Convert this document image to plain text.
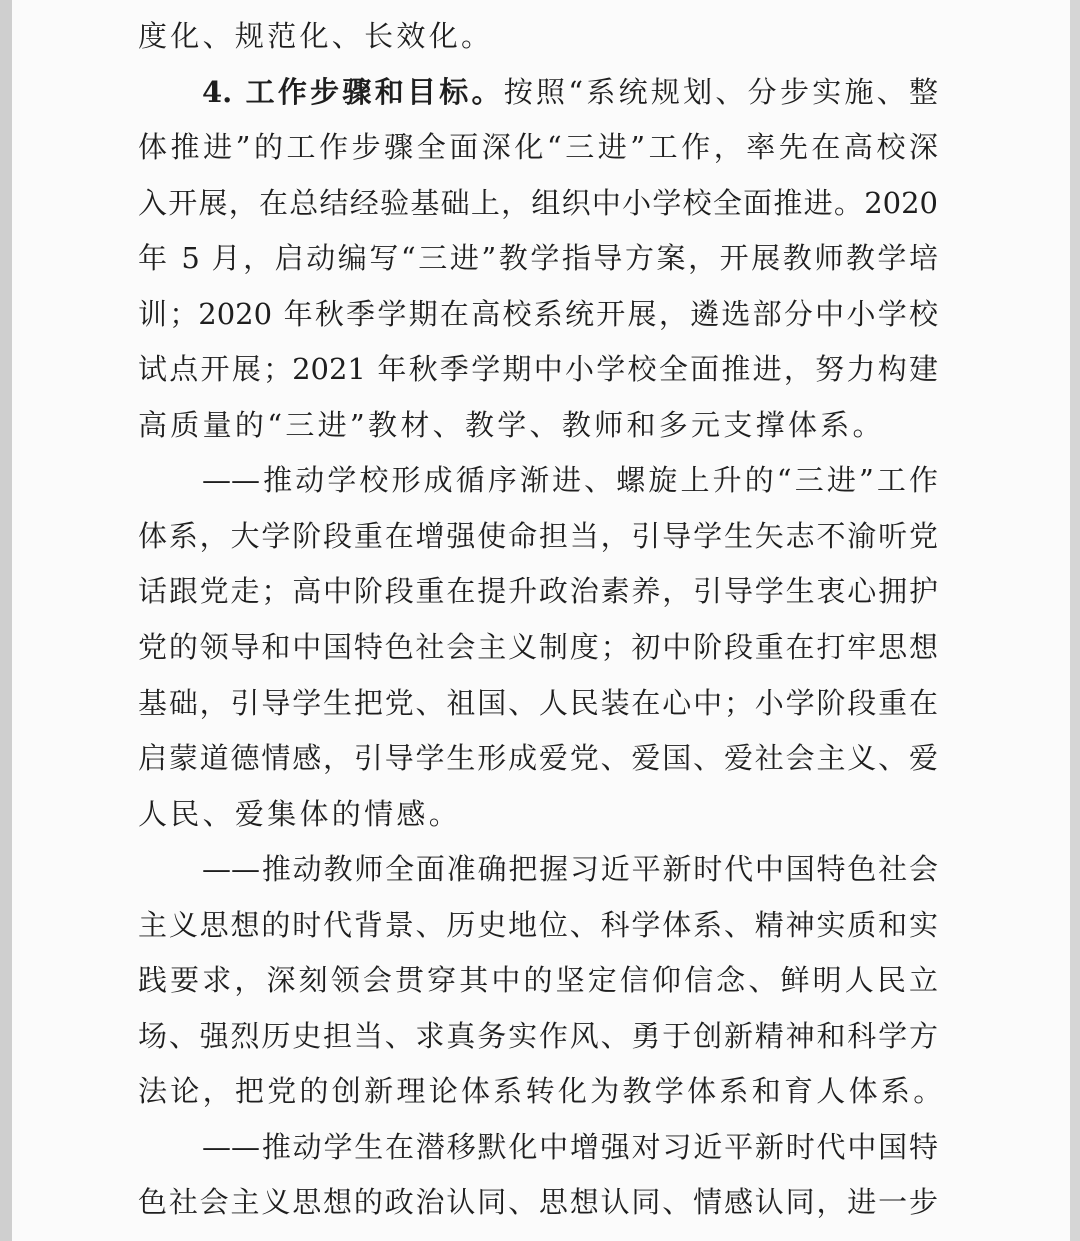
度化、规范化、长效化。
4. 工作步骤和目标。按照“系统规划、分步实施、整
体推进”的工作步骤全面深化“三进”工作，率先在高校深
入开展，在总结经验基础上，组织中小学校全面推进。2020
年 5 月，启动编写“三进”教学指导方案，开展教师教学培
训；2020 年秋季学期在高校系统开展，遴选部分中小学校
试点开展；2021 年秋季学期中小学校全面推进，努力构建
高质量的“三进”教材、教学、教师和多元支撑体系。
——推动学校形成循序渐进、螺旋上升的“三进”工作
体系，大学阶段重在增强使命担当，引导学生矢志不渝听党
话跟党走；高中阶段重在提升政治素养，引导学生衷心拥护
党的领导和中国特色社会主义制度；初中阶段重在打牢思想
基础，引导学生把党、祖国、人民装在心中；小学阶段重在
启蒙道德情感，引导学生形成爱党、爱国、爱社会主义、爱
人民、爱集体的情感。
——推动教师全面准确把握习近平新时代中国特色社会
主义思想的时代背景、历史地位、科学体系、精神实质和实
践要求，深刻领会贯穿其中的坚定信仰信念、鲜明人民立
场、强烈历史担当、求真务实作风、勇于创新精神和科学方
法论，把党的创新理论体系转化为教学体系和育人体系。
——推动学生在潜移默化中增强对习近平新时代中国特
色社会主义思想的政治认同、思想认同、情感认同，进一步
